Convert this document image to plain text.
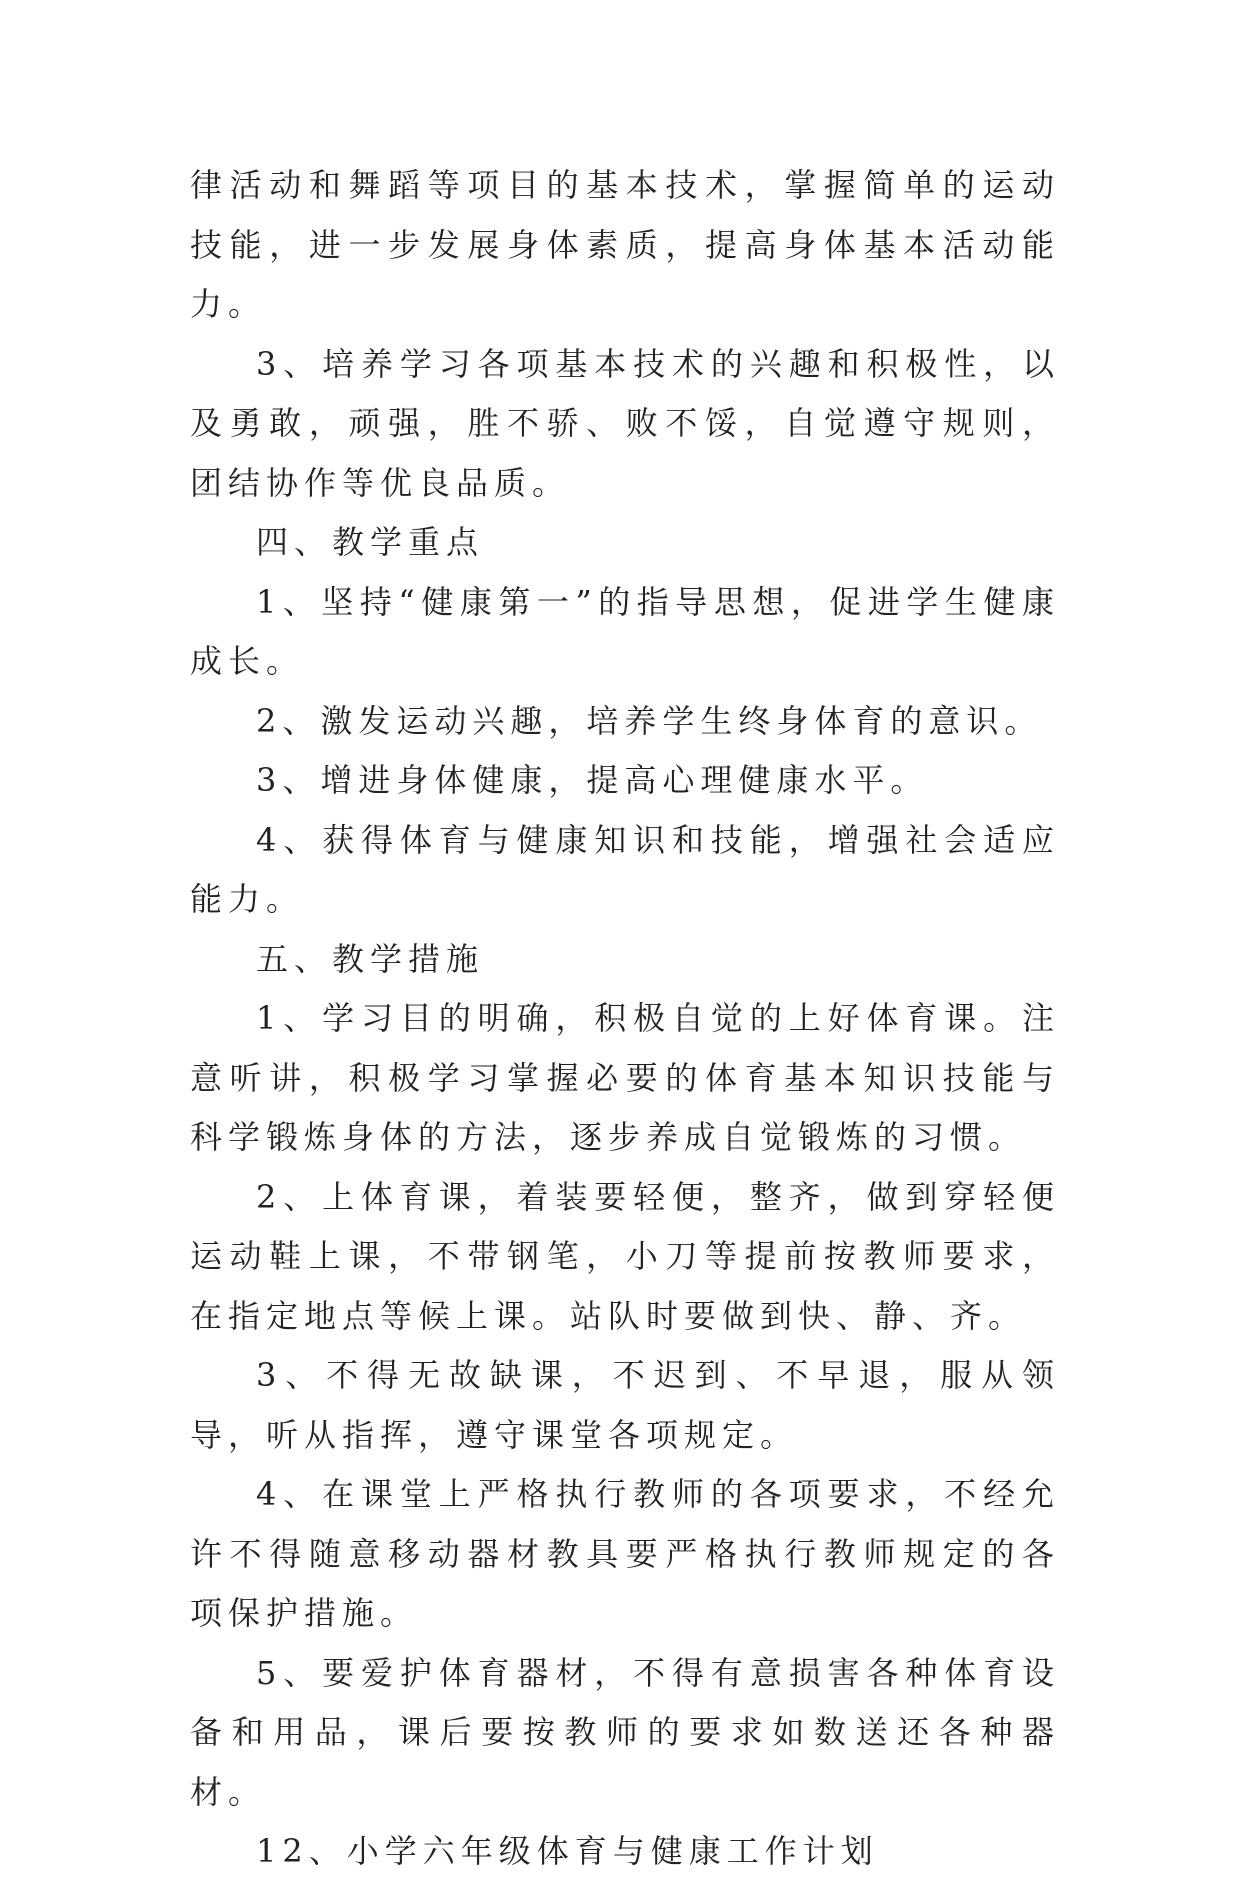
律活动和舞蹈等项目的基本技术，掌握简单的运动技能，进一步发展身体素质，提高身体基本活动能力。

3、培养学习各项基本技术的兴趣和积极性，以及勇敢，顽强，胜不骄、败不馁，自觉遵守规则，团结协作等优良品质。

四、教学重点

1、坚持“健康第一”的指导思想，促进学生健康成长。

2、激发运动兴趣，培养学生终身体育的意识。

3、增进身体健康，提高心理健康水平。

4、获得体育与健康知识和技能，增强社会适应能力。

五、教学措施

1、学习目的明确，积极自觉的上好体育课。注意听讲，积极学习掌握必要的体育基本知识技能与科学锻炼身体的方法，逐步养成自觉锻炼的习惯。

2、上体育课，着装要轻便，整齐，做到穿轻便运动鞋上课，不带钢笔，小刀等提前按教师要求，在指定地点等候上课。站队时要做到快、静、齐。

3、不得无故缺课，不迟到、不早退，服从领导，听从指挥，遵守课堂各项规定。

4、在课堂上严格执行教师的各项要求，不经允许不得随意移动器材教具要严格执行教师规定的各项保护措施。

5、要爱护体育器材，不得有意损害各种体育设备和用品，课后要按教师的要求如数送还各种器材。

12、小学六年级体育与健康工作计划
